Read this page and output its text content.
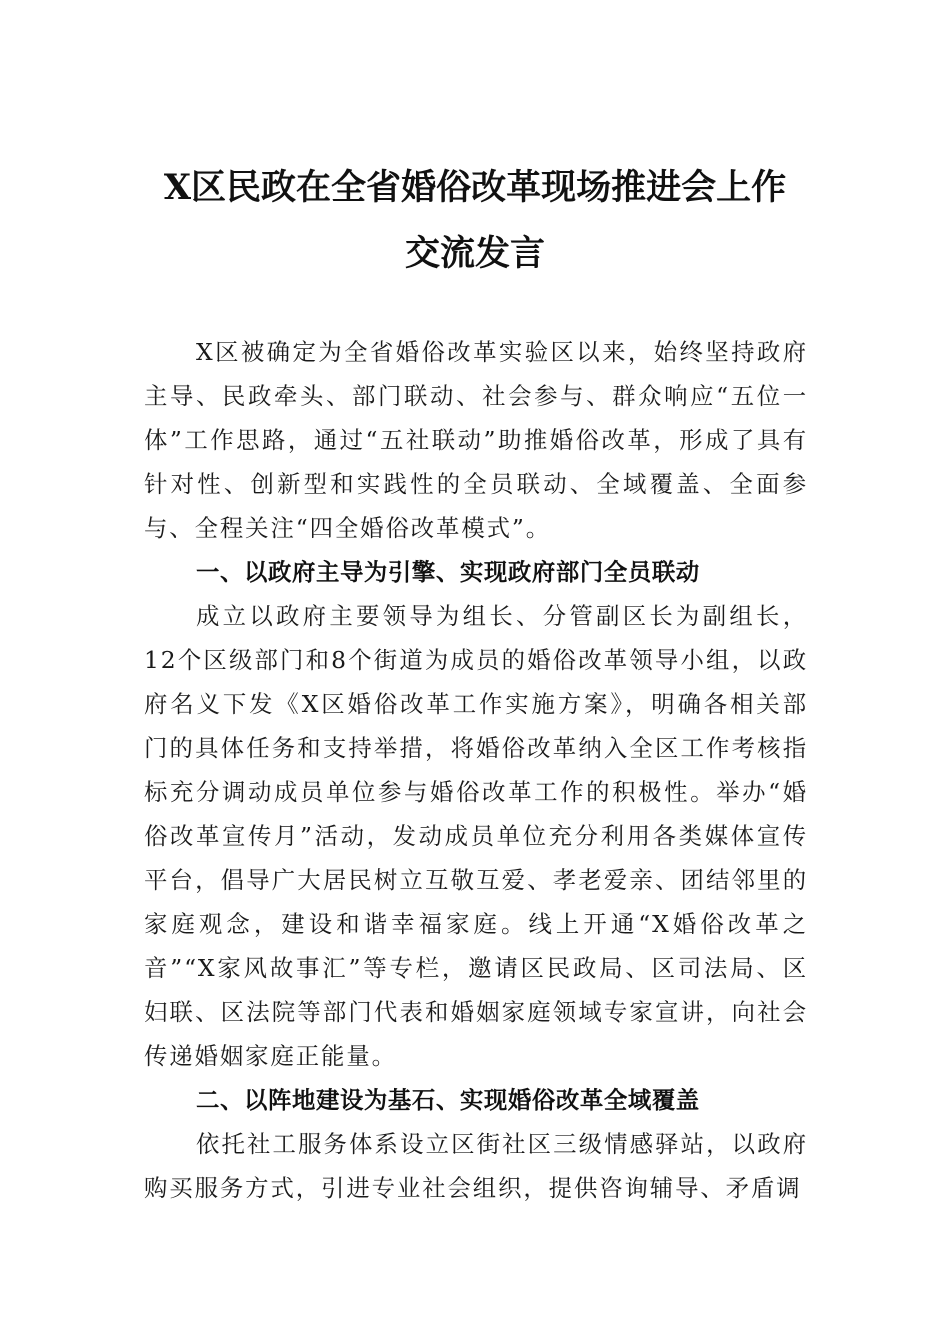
X区民政在全省婚俗改革现场推进会上作
交流发言

X区被确定为全省婚俗改革实验区以来，始终坚持政府主导、民政牵头、部门联动、社会参与、群众响应“五位一体”工作思路，通过“五社联动”助推婚俗改革，形成了具有针对性、创新型和实践性的全员联动、全域覆盖、全面参与、全程关注“四全婚俗改革模式”。

一、以政府主导为引擎、实现政府部门全员联动

成立以政府主要领导为组长、分管副区长为副组长，12个区级部门和8个街道为成员的婚俗改革领导小组，以政府名义下发《X区婚俗改革工作实施方案》，明确各相关部门的具体任务和支持举措，将婚俗改革纳入全区工作考核指标充分调动成员单位参与婚俗改革工作的积极性。举办“婚俗改革宣传月”活动，发动成员单位充分利用各类媒体宣传平台，倡导广大居民树立互敬互爱、孝老爱亲、团结邻里的家庭观念，建设和谐幸福家庭。线上开通“X婚俗改革之音”“X家风故事汇”等专栏，邀请区民政局、区司法局、区妇联、区法院等部门代表和婚姻家庭领域专家宣讲，向社会传递婚姻家庭正能量。

二、以阵地建设为基石、实现婚俗改革全域覆盖

依托社工服务体系设立区街社区三级情感驿站，以政府购买服务方式，引进专业社会组织，提供咨询辅导、矛盾调
